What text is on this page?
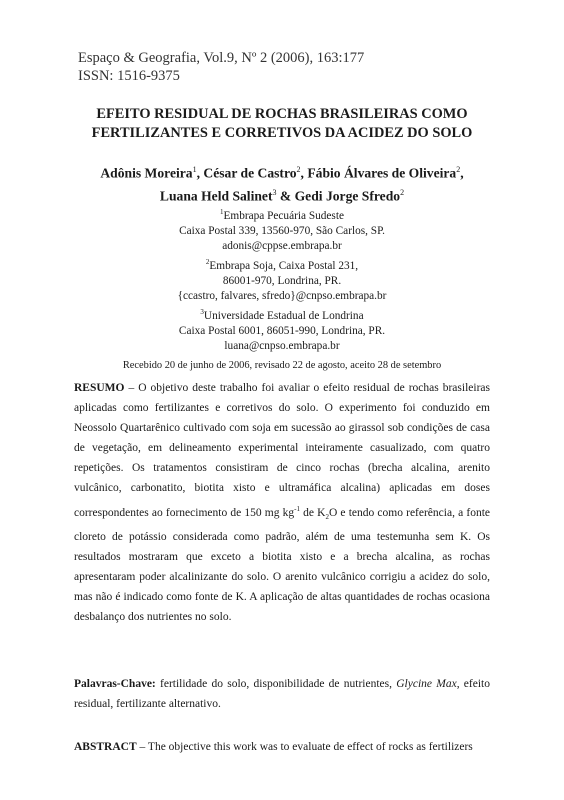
Espaço & Geografia, Vol.9, Nº 2 (2006), 163:177
ISSN: 1516-9375
EFEITO RESIDUAL DE ROCHAS BRASILEIRAS COMO
FERTILIZANTES E CORRETIVOS DA ACIDEZ DO SOLO
Adônis Moreira$^1$, César de Castro$^2$, Fábio Álvares de Oliveira$^2$,
Luana Held Salinet$^3$ & Gedi Jorge Sfredo$^2$
$^1$Embrapa Pecuária Sudeste
Caixa Postal 339, 13560-970, São Carlos, SP.
adonis@cppse.embrapa.br
$^2$Embrapa Soja, Caixa Postal 231,
86001-970, Londrina, PR.
{ccastro, falvares, sfredo}@cnpso.embrapa.br
$^3$Universidade Estadual de Londrina
Caixa Postal 6001, 86051-990, Londrina, PR.
luana@cnpso.embrapa.br
Recebido 20 de junho de 2006, revisado 22 de agosto, aceito 28 de setembro
RESUMO – O objetivo deste trabalho foi avaliar o efeito residual de rochas brasileiras aplicadas como fertilizantes e corretivos do solo. O experimento foi conduzido em Neossolo Quartarênico cultivado com soja em sucessão ao girassol sob condições de casa de vegetação, em delineamento experimental inteiramente casualizado, com quatro repetições. Os tratamentos consistiram de cinco rochas (brecha alcalina, arenito vulcânico, carbonatito, biotita xisto e ultramáfica alcalina) aplicadas em doses correspondentes ao fornecimento de 150 mg $kg^{-1}$ de $K_2O$ e tendo como referência, a fonte cloreto de potássio considerada como padrão, além de uma testemunha sem K. Os resultados mostraram que exceto a biotita xisto e a brecha alcalina, as rochas apresentaram poder alcalinizante do solo. O arenito vulcânico corrigiu a acidez do solo, mas não é indicado como fonte de K. A aplicação de altas quantidades de rochas ocasiona desbalanço dos nutrientes no solo.
Palavras-Chave: fertilidade do solo, disponibilidade de nutrientes, Glycine Max, efeito residual, fertilizante alternativo.
ABSTRACT – The objective this work was to evaluate de effect of rocks as fertilizers
